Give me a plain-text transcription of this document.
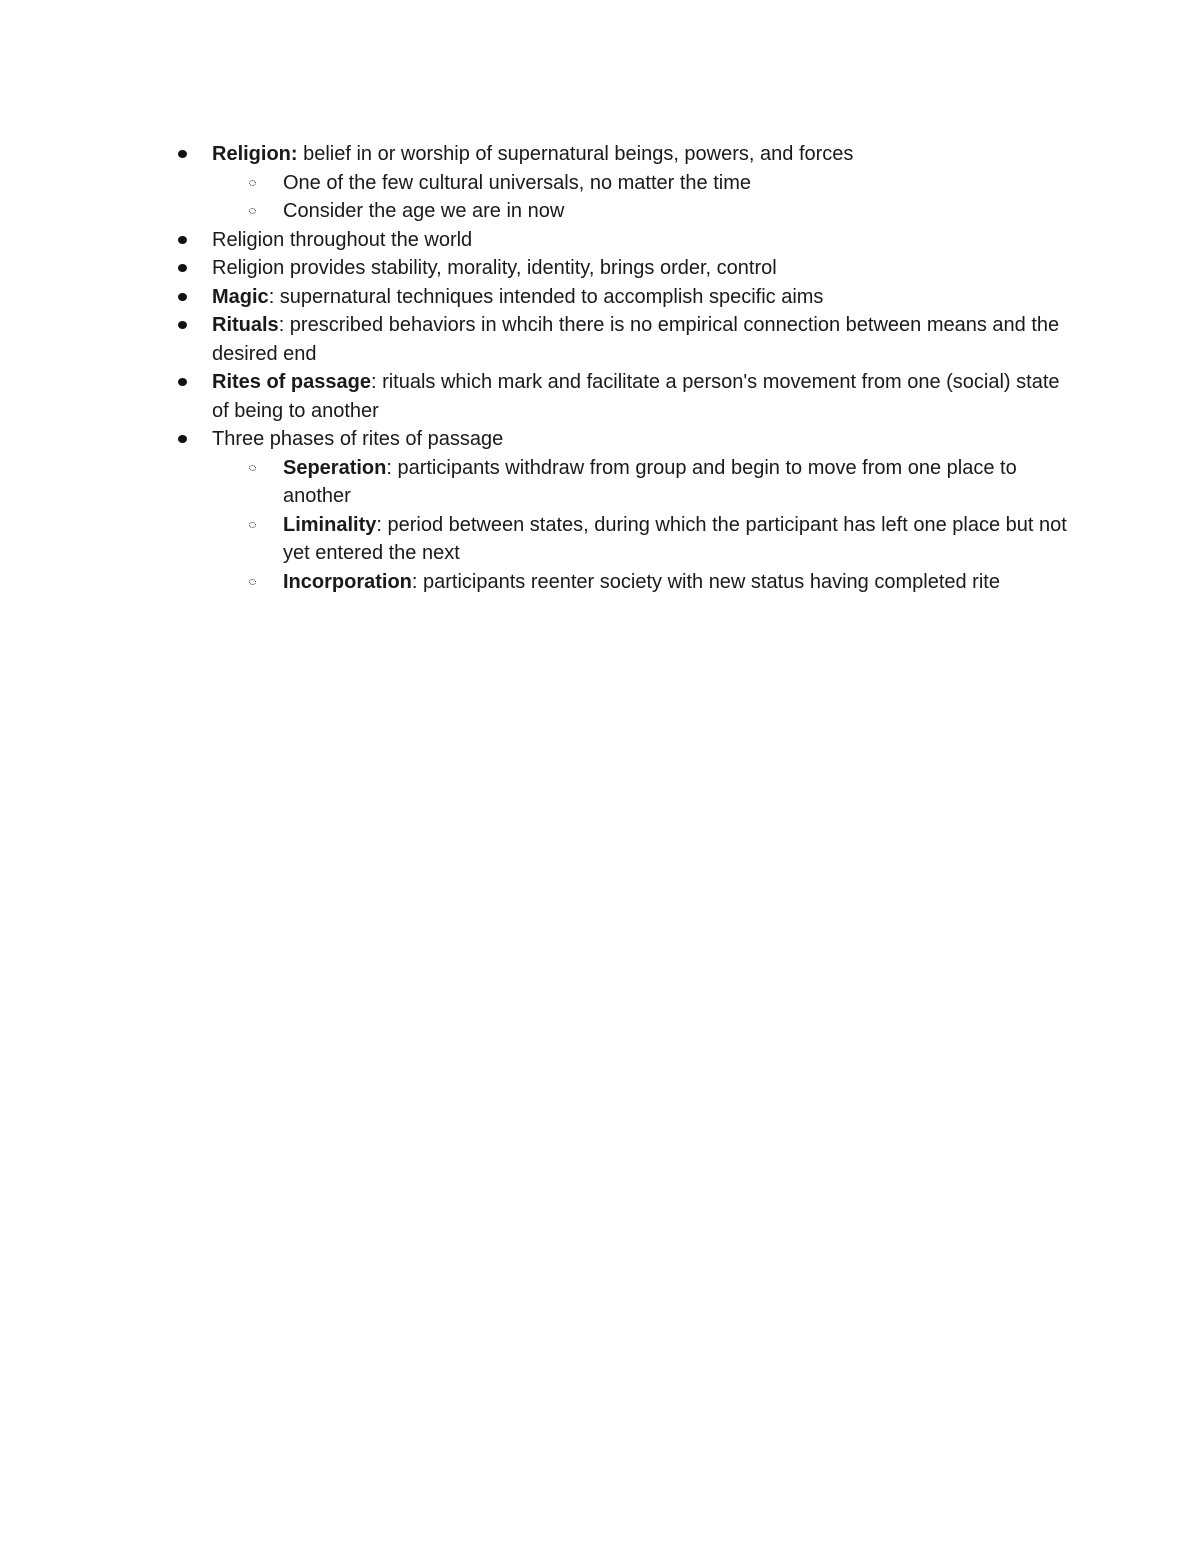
Religion: belief in or worship of supernatural beings, powers, and forces
One of the few cultural universals, no matter the time
Consider the age we are in now
Religion throughout the world
Religion provides stability, morality, identity, brings order, control
Magic: supernatural techniques intended to accomplish specific aims
Rituals: prescribed behaviors in whcih there is no empirical connection between means and the desired end
Rites of passage: rituals which mark and facilitate a person's movement from one (social) state of being to another
Three phases of rites of passage
Seperation: participants withdraw from group and begin to move from one place to another
Liminality: period between states, during which the participant has left one place but not yet entered the next
Incorporation: participants reenter society with new status having completed rite
